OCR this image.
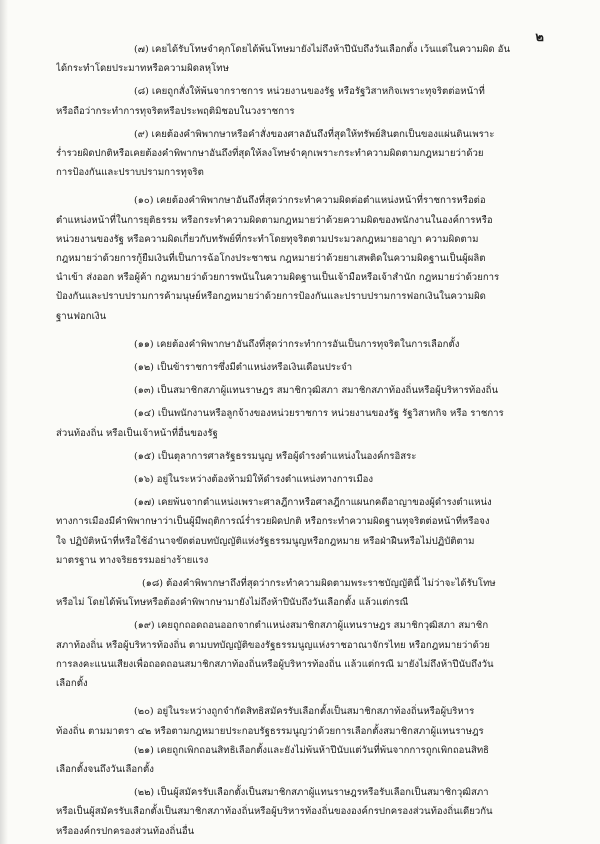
๒
(๗) เคยได้รับโทษจำคุกโดยได้พ้นโทษมายังไม่ถึงห้าปีนับถึงวันเลือกตั้ง เว้นแต่ในความผิด อัน
ได้กระทำโดยประมาทหรือความผิดลหุโทษ
(๘) เคยถูกสั่งให้พ้นจากราชการ หน่วยงานของรัฐ หรือรัฐวิสาหกิจเพราะทุจริตต่อหน้าที่
หรือถือว่ากระทำการทุจริตหรือประพฤติมิชอบในวงราชการ
(๙) เคยต้องคำพิพากษาหรือคำสั่งของศาลอันถึงที่สุดให้ทรัพย์สินตกเป็นของแผ่นดินเพราะ
ร่ำรวยผิดปกติหรือเคยต้องคำพิพากษาอันถึงที่สุดให้ลงโทษจำคุกเพราะกระทำความผิดตามกฎหมายว่าด้วย
การป้องกันและปราบปรามการทุจริต
(๑๐) เคยต้องคำพิพากษาอันถึงที่สุดว่ากระทำความผิดต่อตำแหน่งหน้าที่ราชการหรือต่อ
ตำแหน่งหน้าที่ในการยุติธรรม หรือกระทำความผิดตามกฎหมายว่าด้วยความผิดของพนักงานในองค์การหรือ
หน่วยงานของรัฐ หรือความผิดเกี่ยวกับทรัพย์ที่กระทำโดยทุจริตตามประมวลกฎหมายอาญา ความผิดตาม
กฎหมายว่าด้วยการกู้ยืมเงินที่เป็นการฉ้อโกงประชาชน กฎหมายว่าด้วยยาเสพติดในความผิดฐานเป็นผู้ผลิต
นำเข้า ส่งออก หรือผู้ค้า กฎหมายว่าด้วยการพนันในความผิดฐานเป็นเจ้ามือหรือเจ้าสำนัก กฎหมายว่าด้วยการ
ป้องกันและปราบปรามการค้ามนุษย์หรือกฎหมายว่าด้วยการป้องกันและปราบปรามการฟอกเงินในความผิด
ฐานฟอกเงิน
(๑๑) เคยต้องคำพิพากษาอันถึงที่สุดว่ากระทำการอันเป็นการทุจริตในการเลือกตั้ง
(๑๒) เป็นข้าราชการซึ่งมีตำแหน่งหรือเงินเดือนประจำ
(๑๓) เป็นสมาชิกสภาผู้แทนราษฎร สมาชิกวุฒิสภา สมาชิกสภาท้องถิ่นหรือผู้บริหารท้องถิ่น
(๑๔) เป็นพนักงานหรือลูกจ้างของหน่วยราชการ หน่วยงานของรัฐ รัฐวิสาหกิจ หรือ ราชการ
ส่วนท้องถิ่น หรือเป็นเจ้าหน้าที่อื่นของรัฐ
(๑๕) เป็นตุลาการศาลรัฐธรรมนูญ หรือผู้ดำรงตำแหน่งในองค์กรอิสระ
(๑๖) อยู่ในระหว่างต้องห้ามมิให้ดำรงตำแหน่งทางการเมือง
(๑๗) เคยพ้นจากตำแหน่งเพราะศาลฎีกาหรือศาลฎีกาแผนกคดีอาญาของผู้ดำรงตำแหน่ง
ทางการเมืองมีคำพิพากษาว่าเป็นผู้มีพฤติการณ์ร่ำรวยผิดปกติ หรือกระทำความผิดฐานทุจริตต่อหน้าที่หรือจง
ใจ ปฏิบัติหน้าที่หรือใช้อำนาจขัดต่อบทบัญญัติแห่งรัฐธรรมนูญหรือกฎหมาย หรือฝ่าฝืนหรือไม่ปฏิบัติตาม
มาตรฐาน ทางจริยธรรมอย่างร้ายแรง
(๑๘) ต้องคำพิพากษาถึงที่สุดว่ากระทำความผิดตามพระราชบัญญัตินี้ ไม่ว่าจะได้รับโทษ
หรือไม่ โดยได้พ้นโทษหรือต้องคำพิพากษามายังไม่ถึงห้าปีนับถึงวันเลือกตั้ง แล้วแต่กรณี
(๑๙) เคยถูกถอดถอนออกจากตำแหน่งสมาชิกสภาผู้แทนราษฎร สมาชิกวุฒิสภา สมาชิก
สภาท้องถิ่น หรือผู้บริหารท้องถิ่น ตามบทบัญญัติของรัฐธรรมนูญแห่งราชอาณาจักรไทย หรือกฎหมายว่าด้วย
การลงคะแนนเสียงเพื่อถอดถอนสมาชิกสภาท้องถิ่นหรือผู้บริหารท้องถิ่น แล้วแต่กรณี มายังไม่ถึงห้าปีนับถึงวัน
เลือกตั้ง
(๒๐) อยู่ในระหว่างถูกจำกัดสิทธิสมัครรับเลือกตั้งเป็นสมาชิกสภาท้องถิ่นหรือผู้บริหาร
ท้องถิ่น ตามมาตรา ๔๒ หรือตามกฎหมายประกอบรัฐธรรมนูญว่าด้วยการเลือกตั้งสมาชิกสภาผู้แทนราษฎร
(๒๑) เคยถูกเพิกถอนสิทธิเลือกตั้งและยังไม่พ้นห้าปีนับแต่วันที่พ้นจากการถูกเพิกถอนสิทธิ
เลือกตั้งจนถึงวันเลือกตั้ง
(๒๒) เป็นผู้สมัครรับเลือกตั้งเป็นสมาชิกสภาผู้แทนราษฎรหรือรับเลือกเป็นสมาชิกวุฒิสภา
หรือเป็นผู้สมัครรับเลือกตั้งเป็นสมาชิกสภาท้องถิ่นหรือผู้บริหารท้องถิ่นขององค์กรปกครองส่วนท้องถิ่นเดียวกัน
หรือองค์กรปกครองส่วนท้องถิ่นอื่น
